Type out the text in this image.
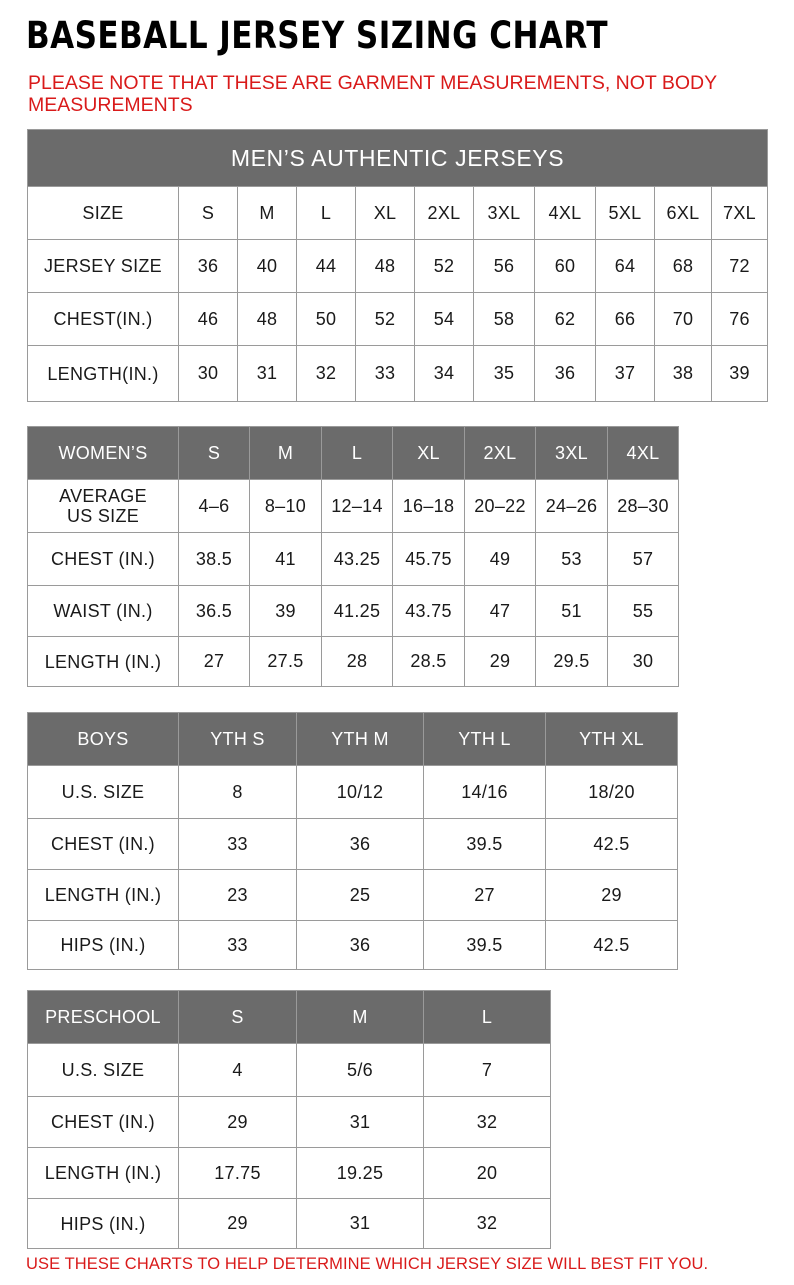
BASEBALL JERSEY SIZING CHART
PLEASE NOTE THAT THESE ARE GARMENT MEASUREMENTS, NOT BODY MEASUREMENTS
MEN’S AUTHENTIC JERSEYS										
SIZE	S	M	L	XL	2XL	3XL	4XL	5XL	6XL	7XL
JERSEY SIZE	36	40	44	48	52	56	60	64	68	72
CHEST(IN.)	46	48	50	52	54	58	62	66	70	76
LENGTH(IN.)	30	31	32	33	34	35	36	37	38	39
WOMEN’S	S	M	L	XL	2XL	3XL	4XL
AVERAGE US SIZE	4–6	8–10	12–14	16–18	20–22	24–26	28–30
CHEST (IN.)	38.5	41	43.25	45.75	49	53	57
WAIST (IN.)	36.5	39	41.25	43.75	47	51	55
LENGTH (IN.)	27	27.5	28	28.5	29	29.5	30
BOYS	YTH S	YTH M	YTH L	YTH XL
U.S. SIZE	8	10/12	14/16	18/20
CHEST (IN.)	33	36	39.5	42.5
LENGTH (IN.)	23	25	27	29
HIPS (IN.)	33	36	39.5	42.5
PRESCHOOL	S	M	L
U.S. SIZE	4	5/6	7
CHEST (IN.)	29	31	32
LENGTH (IN.)	17.75	19.25	20
HIPS (IN.)	29	31	32
USE THESE CHARTS TO HELP DETERMINE WHICH JERSEY SIZE WILL BEST FIT YOU.
